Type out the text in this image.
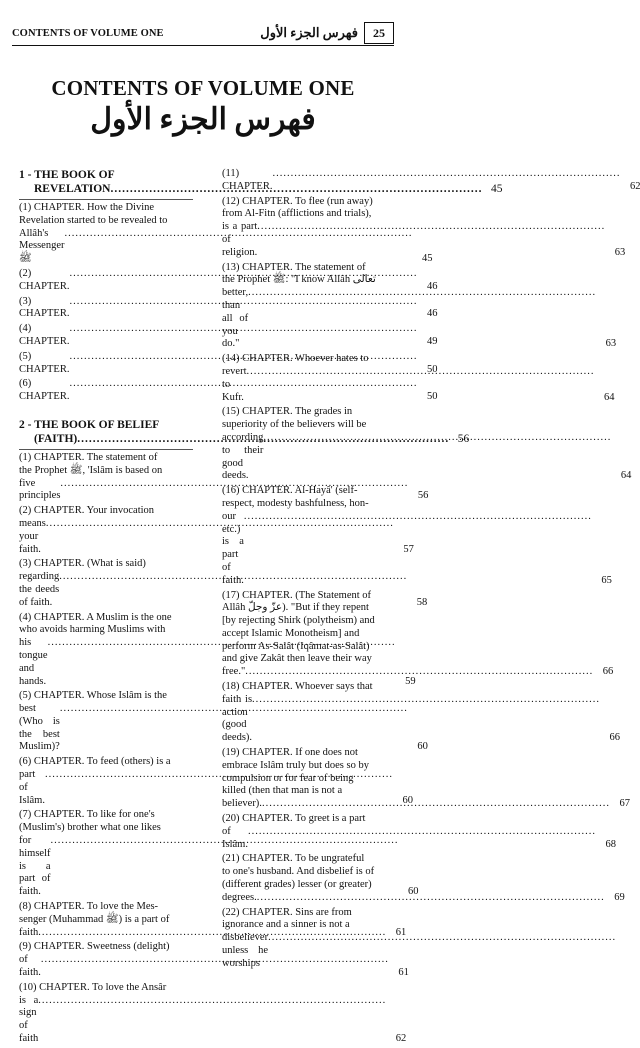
CONTENTS OF VOLUME ONE	فهرس الجزء الأول	25
CONTENTS OF VOLUME ONE
فهرس الجزء الأول
1 - THE BOOK OF
REVELATION .....	45
(1) CHAPTER. How the Divine
Revelation started to be revealed to
Allâh's Messenger ﷺ
.....	45
(2) CHAPTER.
.....	46
(3) CHAPTER.
.....	46
(4) CHAPTER.
.....	49
(5) CHAPTER.
.....	50
(6) CHAPTER.
.....	50
2 - THE BOOK OF BELIEF
(FAITH) .....	56
(1) CHAPTER. The statement of
the Prophet ﷺ, 'Islâm is based on
five principles
.....	56
(2) CHAPTER. Your invocation
means your faith.
.....	57
(3) CHAPTER. (What is said)
regarding the deeds of faith.
.....	58
(4) CHAPTER. A Muslim is the one
who avoids harming Muslims with
his tongue and hands.
.....	59
(5) CHAPTER. Whose Islâm is the
best (Who is the best Muslim)?
.....	60
(6) CHAPTER. To feed (others) is a
part of Islâm.
.....	60
(7) CHAPTER. To like for one's
(Muslim's) brother what one likes
for himself is a part of faith.
.....	60
(8) CHAPTER. To love the Mes-
senger (Muhammad ﷺ) is a part of
faith .....	61
(9) CHAPTER. Sweetness (delight)
of faith.
.....	61
(10) CHAPTER. To love the Ansâr
is a sign of faith
.....	62
(11) CHAPTER.
.....	62
(12) CHAPTER. To flee (run away)
from Al-Fitn (afflictions and trials),
is a part of religion.
.....	63
(13) CHAPTER. The statement of
the Prophet ﷺ: "I know Allâh تعالى
better, than all of you do."
.....	63
(14) CHAPTER. Whoever hates to
revert to Kufr.
.....	64
(15) CHAPTER. The grades in
superiority of the believers will be
according to their good deeds.
.....	64
(16) CHAPTER. Al-Hayâ' (self-
respect, modesty bashfulness, hon-
our etc.) is a part of faith.
.....	65
(17) CHAPTER. (The Statement of
Allâh عزّ وجلّ). "But if they repent
[by rejecting Shirk (polytheism) and
accept Islamic Monotheism] and
perform As-Salât (Iqâmat-as-Salât)
and give Zakât then leave their way
free." .....	66
(18) CHAPTER. Whoever says that
faith is action (good deeds).
.....	66
(19) CHAPTER. If one does not
embrace Islâm truly but does so by
compulsion or for fear of being
killed (then that man is not a
believer). .....	67
(20) CHAPTER. To greet is a part
of Islâm.
.....	68
(21) CHAPTER. To be ungrateful
to one's husband. And disbelief is of
(different grades) lesser (or greater)
degrees. .....	69
(22) CHAPTER. Sins are from
ignorance and a sinner is not a
disbeliever unless he worships
.....
